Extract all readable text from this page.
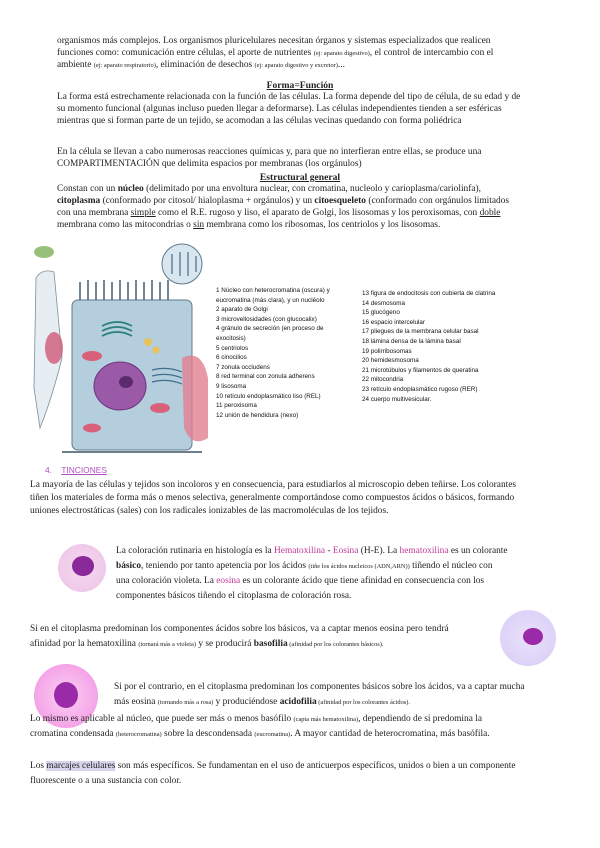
organismos más complejos. Los organismos pluricelulares necesitan órganos y sistemas especializados que realicen
funciones como: comunicación entre células, el aporte de nutrientes (ej: aparato digestivo), el control de intercambio con el
ambiente (ej: aparato respiratorio), eliminación de desechos (ej: aparato digestivo y excretor)...
Forma=Función
La forma está estrechamente relacionada con la función de las células. La forma depende del tipo de célula, de su edad y de
su momento funcional (algunas incluso pueden llegar a deformarse). Las células independientes tienden a ser esféricas
mientras que si forman parte de un tejido, se acomodan a las células vecinas quedando con forma poliédrica
En la célula se llevan a cabo numerosas reacciones químicas y, para que no interfieran entre ellas, se produce una
COMPARTIMENTACIÓN que delimita espacios por membranas (los orgánulos)
Estructural general
Constan con un núcleo (delimitado por una envoltura nuclear, con cromatina, nucleolo y carioplasma/cariolinfa),
citoplasma (conformado por citosol/ hialoplasma + orgánulos) y un citoesqueleto (conformado con orgánulos limitados
con una membrana simple como el R.E. rugoso y liso, el aparato de Golgi, los lisosomas y los peroxisomas, con doble
membrana como las mitocondrias o sin membrana como los ribosomas, los centriolos y los lisosomas.
1 Núcleo con heterocromatina (oscura) y
eucromatina (más clara), y un nucléolo
2 aparato de Golgi
3 microvellosidades (con glucocalix)
4 gránulo de secreción (en proceso de
exocitosis)
5 centriolos
6 cinocilios
7 zonula occludens
8 red terminal con zonula adherens
9 lisosoma
10 retículo endoplasmático liso (REL)
11 peroxisoma
12 unión de hendidura (nexo)
13 figura de endocitosis con cubierta de clatrina
14 desmosoma
15 glucógeno
16 espacio intercelular
17 pliegues de la membrana celular basal
18 lámina densa de la lámina basal
19 polirribosomas
20 hemidesmosoma
21 microtúbulos y filamentos de queratina
22 mitocondria
23 retículo endoplasmático rugoso (RER)
24 cuerpo multivesicular.
4. TINCIONES
La mayoría de las células y tejidos son incoloros y en consecuencia, para estudiarlos al microscopio deben teñirse. Los colorantes
tiñen los materiales de forma más o menos selectiva, generalmente comportándose como compuestos ácidos o básicos, formando
uniones electrostáticas (sales) con los radicales ionizables de las macromoléculas de los tejidos.
La coloración rutinaria en histología es la Hematoxilina - Eosina (H-E). La hematoxilina es un colorante
básico, teniendo por tanto apetencia por los ácidos (tiñe los ácidos nucleicos (ADN,ARN)) tiñendo el núcleo con
una coloración violeta. La eosina es un colorante ácido que tiene afinidad en consecuencia con los
componentes básicos tiñendo el citoplasma de coloración rosa.
Si en el citoplasma predominan los componentes ácidos sobre los básicos, va a captar menos eosina pero tendrá
afinidad por la hematoxilina (tornará más a violeta) y se producirá basofilia (afinidad por los colorantes básicos).
Si por el contrario, en el citoplasma predominan los componentes básicos sobre los ácidos, va a captar mucha
más eosina (tornando más a rosa) y produciéndose acidofilia (afinidad por los colorantes ácidos).
Lo mismo es aplicable al núcleo, que puede ser más o menos basófilo (capta más hematoxilina), dependiendo de si predomina la
cromatina condensada (heterocromatina) sobre la descondensada (eucromatina). A mayor cantidad de heterocromatina, más basófila.
Los marcajes celulares son más específicos. Se fundamentan en el uso de anticuerpos específicos, unidos o bien a un componente
fluorescente o a una sustancia con color.
